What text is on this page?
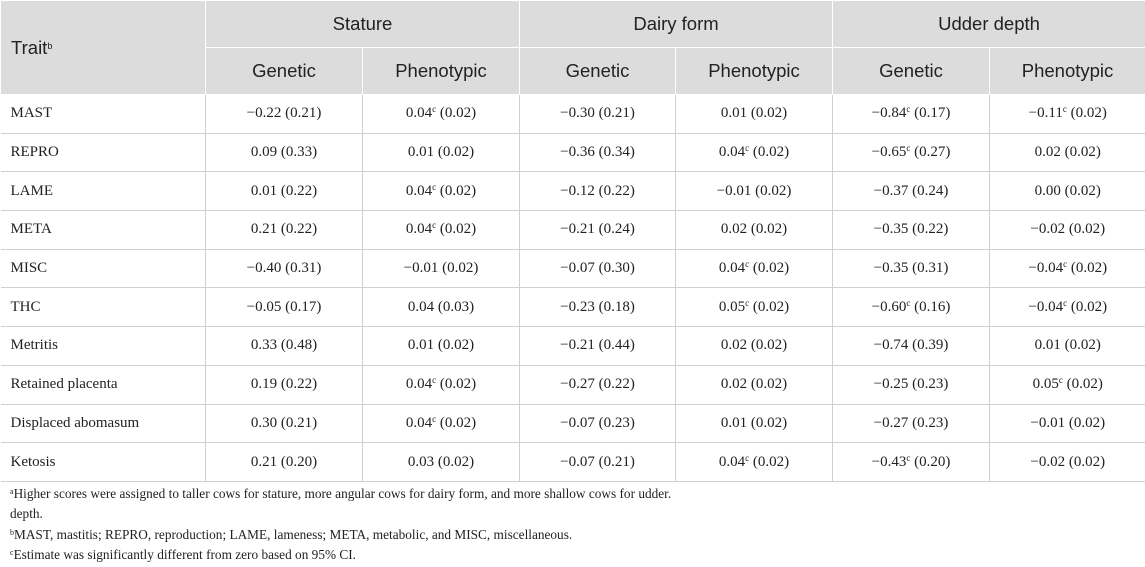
Trait$^b$	Stature		Dairy form		Udder depth	
	Genetic	Phenotypic	Genetic	Phenotypic	Genetic	Phenotypic
MAST	−0.22 (0.21)	0.04$^c$ (0.02)	−0.30 (0.21)	0.01 (0.02)	−0.84$^c$ (0.17)	−0.11$^c$ (0.02)
REPRO	0.09 (0.33)	0.01 (0.02)	−0.36 (0.34)	0.04$^c$ (0.02)	−0.65$^c$ (0.27)	0.02 (0.02)
LAME	0.01 (0.22)	0.04$^c$ (0.02)	−0.12 (0.22)	−0.01 (0.02)	−0.37 (0.24)	0.00 (0.02)
META	0.21 (0.22)	0.04$^c$ (0.02)	−0.21 (0.24)	0.02 (0.02)	−0.35 (0.22)	−0.02 (0.02)
MISC	−0.40 (0.31)	−0.01 (0.02)	−0.07 (0.30)	0.04$^c$ (0.02)	−0.35 (0.31)	−0.04$^c$ (0.02)
THC	−0.05 (0.17)	0.04 (0.03)	−0.23 (0.18)	0.05$^c$ (0.02)	−0.60$^c$ (0.16)	−0.04$^c$ (0.02)
Metritis	0.33 (0.48)	0.01 (0.02)	−0.21 (0.44)	0.02 (0.02)	−0.74 (0.39)	0.01 (0.02)
Retained placenta	0.19 (0.22)	0.04$^c$ (0.02)	−0.27 (0.22)	0.02 (0.02)	−0.25 (0.23)	0.05$^c$ (0.02)
Displaced abomasum	0.30 (0.21)	0.04$^c$ (0.02)	−0.07 (0.23)	0.01 (0.02)	−0.27 (0.23)	−0.01 (0.02)
Ketosis	0.21 (0.20)	0.03 (0.02)	−0.07 (0.21)	0.04$^c$ (0.02)	−0.43$^c$ (0.20)	−0.02 (0.02)
$^a$Higher scores were assigned to taller cows for stature, more angular cows for dairy form, and more shallow cows for udder.
depth.
$^b$MAST, mastitis; REPRO, reproduction; LAME, lameness; META, metabolic, and MISC, miscellaneous.
$^c$Estimate was significantly different from zero based on 95% CI.
